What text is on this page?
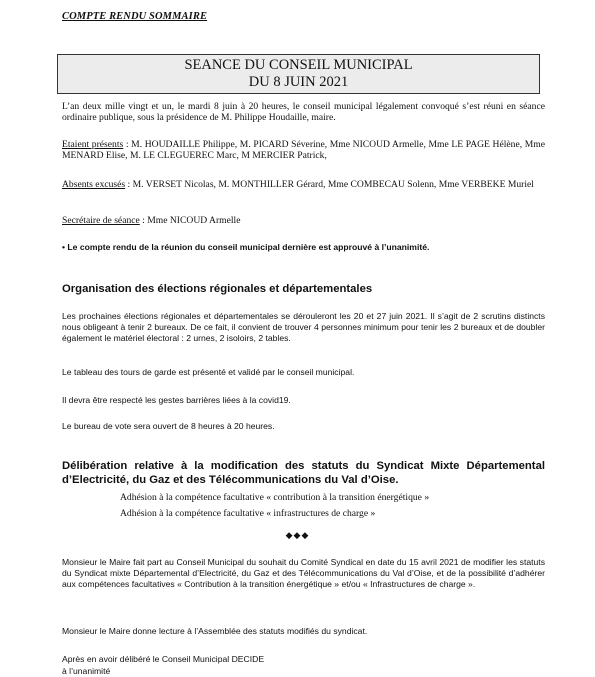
COMPTE RENDU SOMMAIRE
SEANCE DU CONSEIL MUNICIPAL
DU 8 JUIN 2021
L’an deux mille vingt et un, le mardi 8 juin à 20 heures, le conseil municipal légalement convoqué s’est réuni en séance ordinaire publique, sous la présidence de M. Philippe Houdaille, maire.
Etaient présents : M. HOUDAILLE Philippe, M. PICARD Séverine, Mme NICOUD Armelle, Mme LE PAGE Hélène, Mme MENARD Elise, M. LE CLEGUEREC Marc, M MERCIER Patrick,
Absents excusés : M. VERSET Nicolas, M. MONTHILLER Gérard, Mme COMBECAU Solenn, Mme VERBEKE Muriel
Secrétaire de séance : Mme NICOUD Armelle
• Le compte rendu de la réunion du conseil municipal dernière est approuvé à l’unanimité.
Organisation des élections régionales et départementales
Les prochaines élections régionales et départementales se dérouleront les 20 et 27 juin 2021. Il s’agit de 2 scrutins distincts nous obligeant à tenir 2 bureaux. De ce fait, il convient de trouver 4 personnes minimum pour tenir les 2 bureaux et de doubler également le matériel électoral : 2 urnes, 2 isoloirs, 2 tables.
Le tableau des tours de garde est présenté et validé par le conseil municipal.
Il devra être respecté les gestes barrières liées à la covid19.
Le bureau de vote sera ouvert de 8 heures à 20 heures.
Délibération relative à la modification des statuts du Syndicat Mixte Départemental d’Electricité, du Gaz et des Télécommunications du Val d’Oise.
Adhésion à la compétence facultative « contribution à la transition énergétique »
Adhésion à la compétence facultative « infrastructures de charge »
◆◆◆
Monsieur le Maire fait part au Conseil Municipal du souhait du Comité Syndical en date du 15 avril 2021 de modifier les statuts du Syndicat mixte Départemental d’Electricité, du Gaz et des Télécommunications du Val d’Oise, et de la possibilité d’adhérer aux compétences facultatives « Contribution à la transition énergétique » et/ou « Infrastructures de charge ».
Monsieur le Maire donne lecture à l’Assemblée des statuts modifiés du syndicat.
Après en avoir délibéré le Conseil Municipal DECIDE
à l’unanimité
